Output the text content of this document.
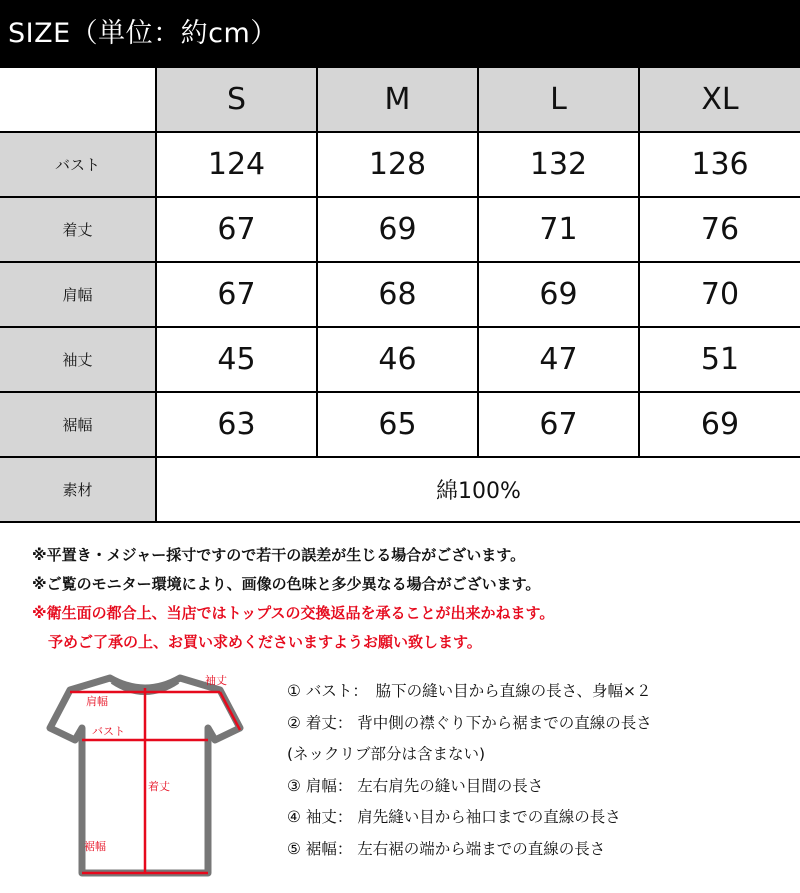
SIZE（単位：約cm）
	S	M	L	XL
バスト	124	128	132	136
着丈	67	69	71	76
肩幅	67	68	69	70
袖丈	45	46	47	51
裾幅	63	65	67	69
素材	綿100%			
※平置き・メジャー採寸ですので若干の誤差が生じる場合がございます。
※ご覧のモニター環境により、画像の色味と多少異なる場合がございます。
※衛生面の都合上、当店ではトップスの交換返品を承ることが出来かねます。
予めご了承の上、お買い求めくださいますようお願い致します。
袖丈
肩幅
バスト
着丈
裾幅
① バスト：　脇下の縫い目から直線の長さ、身幅×２
② 着丈： 背中側の襟ぐり下から裾までの直線の長さ
(ネックリブ部分は含まない)
③ 肩幅： 左右肩先の縫い目間の長さ
④ 袖丈： 肩先縫い目から袖口までの直線の長さ
⑤ 裾幅： 左右裾の端から端までの直線の長さ
